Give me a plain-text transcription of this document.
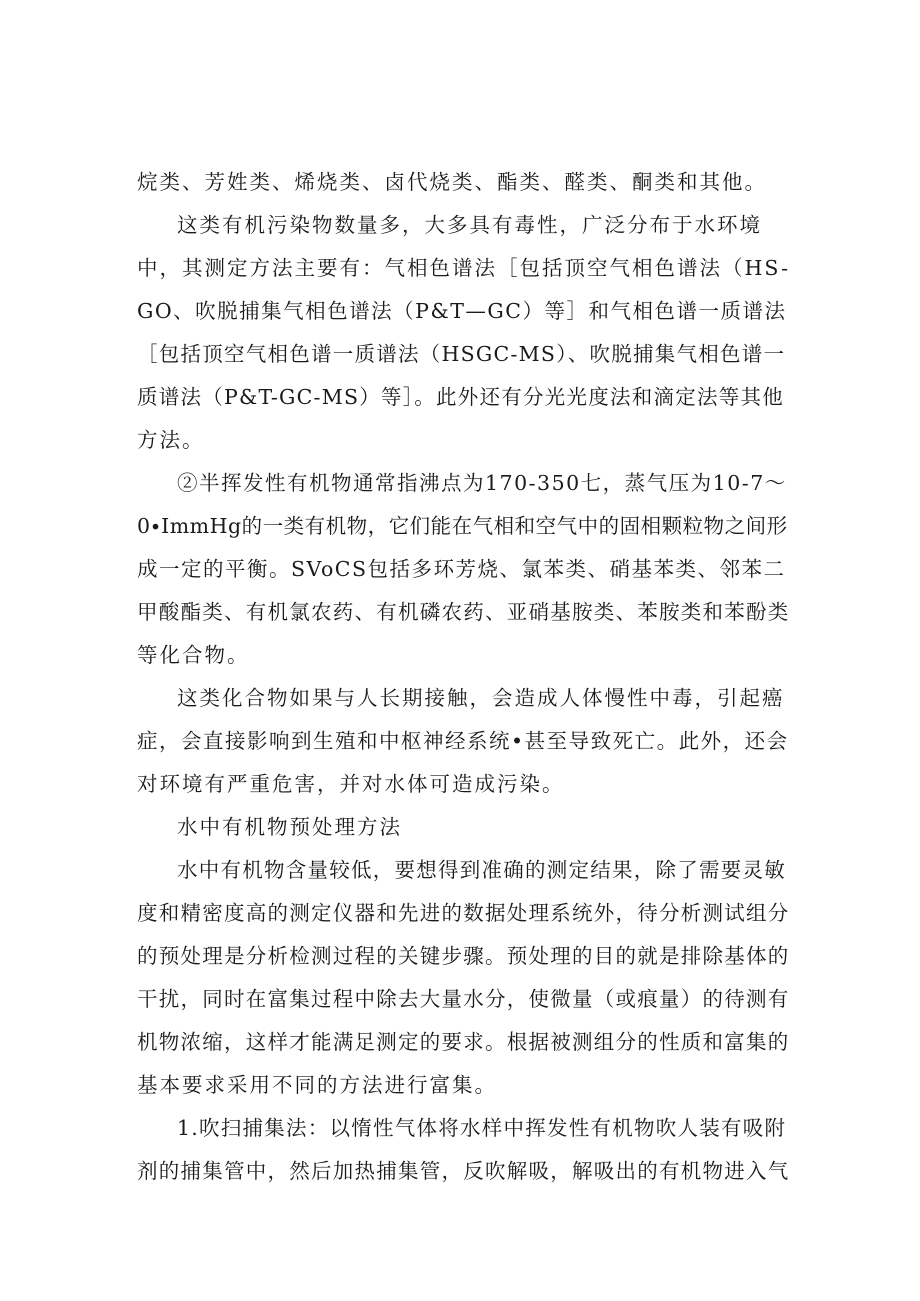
烷类、芳姓类、烯烧类、卤代烧类、酯类、醛类、酮类和其他。
这类有机污染物数量多，大多具有毒性，广泛分布于水环境
中，其测定方法主要有：气相色谱法［包括顶空气相色谱法（HS-
GO、吹脱捕集气相色谱法（P&T—GC）等］和气相色谱一质谱法
［包括顶空气相色谱一质谱法（HSGC-MS）、吹脱捕集气相色谱一
质谱法（P&T-GC-MS）等］。此外还有分光光度法和滴定法等其他
方法。
②半挥发性有机物通常指沸点为170-350七，蒸气压为10-7～
0∙ImmHg的一类有机物，它们能在气相和空气中的固相颗粒物之间形
成一定的平衡。SVoCS包括多环芳烧、氯苯类、硝基苯类、邻苯二
甲酸酯类、有机氯农药、有机磷农药、亚硝基胺类、苯胺类和苯酚类
等化合物。
这类化合物如果与人长期接触，会造成人体慢性中毒，引起癌
症，会直接影响到生殖和中枢神经系统•甚至导致死亡。此外，还会
对环境有严重危害，并对水体可造成污染。
水中有机物预处理方法
水中有机物含量较低，要想得到准确的测定结果，除了需要灵敏
度和精密度高的测定仪器和先进的数据处理系统外，待分析测试组分
的预处理是分析检测过程的关键步骤。预处理的目的就是排除基体的
干扰，同时在富集过程中除去大量水分，使微量（或痕量）的待测有
机物浓缩，这样才能满足测定的要求。根据被测组分的性质和富集的
基本要求采用不同的方法进行富集。
1.吹扫捕集法：以惰性气体将水样中挥发性有机物吹人装有吸附
剂的捕集管中，然后加热捕集管，反吹解吸，解吸出的有机物进入气
